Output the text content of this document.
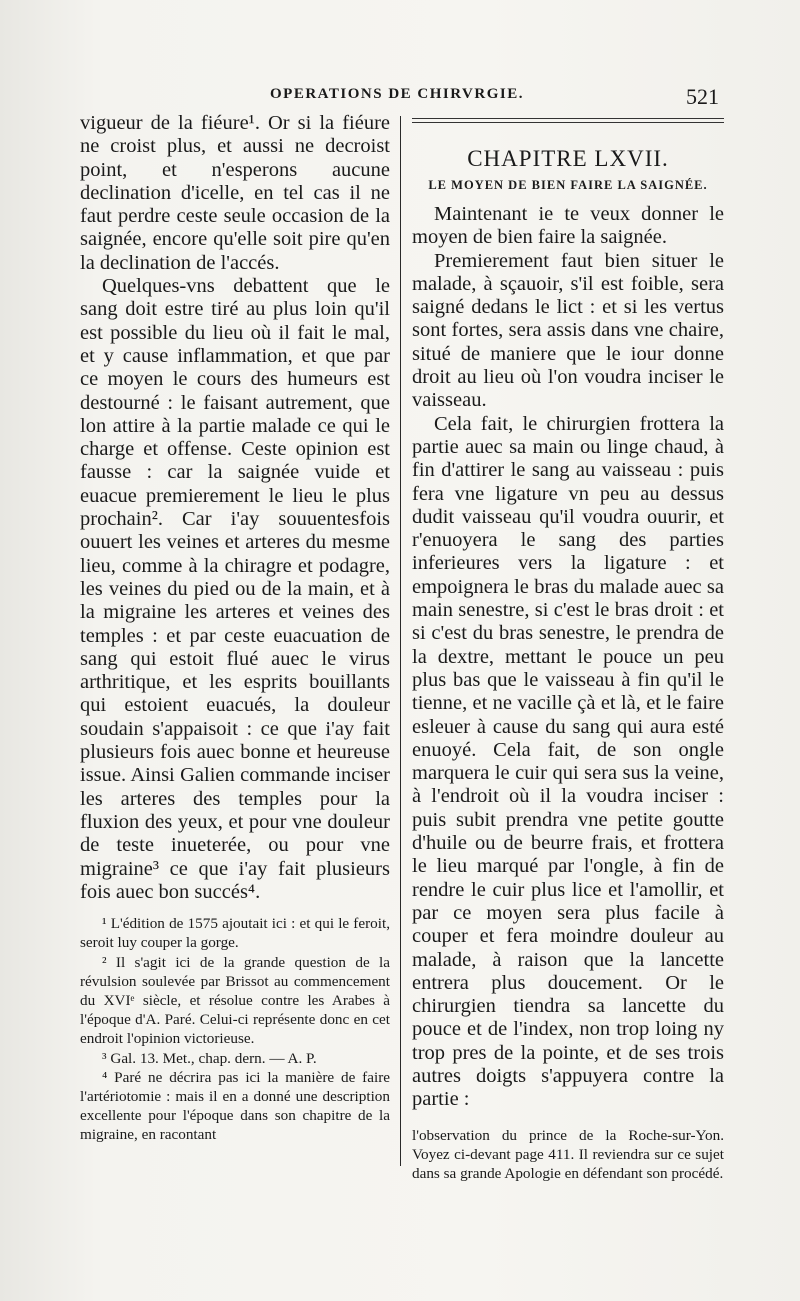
OPERATIONS DE CHIRVRGIE.	521

vigueur de la fiéure¹. Or si la fiéure ne croist plus, et aussi ne decroist point, et n'esperons aucune declination d'icelle, en tel cas il ne faut perdre ceste seule occasion de la saignée, encore qu'elle soit pire qu'en la declination de l'accés.

Quelques-vns debattent que le sang doit estre tiré au plus loin qu'il est possible du lieu où il fait le mal, et y cause inflammation, et que par ce moyen le cours des humeurs est destourné : le faisant autrement, que lon attire à la partie malade ce qui le charge et offense. Ceste opinion est fausse : car la saignée vuide et euacue premierement le lieu le plus prochain². Car i'ay souuentesfois ouuert les veines et arteres du mesme lieu, comme à la chiragre et podagre, les veines du pied ou de la main, et à la migraine les arteres et veines des temples : et par ceste euacuation de sang qui estoit flué auec le virus arthritique, et les esprits bouillants qui estoient euacués, la douleur soudain s'appaisoit : ce que i'ay fait plusieurs fois auec bonne et heureuse issue. Ainsi Galien commande inciser les arteres des temples pour la fluxion des yeux, et pour vne douleur de teste inueterée, ou pour vne migraine³ ce que i'ay fait plusieurs fois auec bon succés⁴.

¹ L'édition de 1575 ajoutait ici : et qui le feroit, seroit luy couper la gorge.

² Il s'agit ici de la grande question de la révulsion soulevée par Brissot au commencement du XVIᵉ siècle, et résolue contre les Arabes à l'époque d'A. Paré. Celui-ci représente donc en cet endroit l'opinion victorieuse.

³ Gal. 13. Met., chap. dern. — A. P.

⁴ Paré ne décrira pas ici la manière de faire l'artériotomie : mais il en a donné une description excellente pour l'époque dans son chapitre de la migraine, en racontant

CHAPITRE LXVII.
LE MOYEN DE BIEN FAIRE LA SAIGNÉE.

Maintenant ie te veux donner le moyen de bien faire la saignée.

Premierement faut bien situer le malade, à sçauoir, s'il est foible, sera saigné dedans le lict : et si les vertus sont fortes, sera assis dans vne chaire, situé de maniere que le iour donne droit au lieu où l'on voudra inciser le vaisseau.

Cela fait, le chirurgien frottera la partie auec sa main ou linge chaud, à fin d'attirer le sang au vaisseau : puis fera vne ligature vn peu au dessus dudit vaisseau qu'il voudra ouurir, et r'enuoyera le sang des parties inferieures vers la ligature : et empoignera le bras du malade auec sa main senestre, si c'est le bras droit : et si c'est du bras senestre, le prendra de la dextre, mettant le pouce un peu plus bas que le vaisseau à fin qu'il le tienne, et ne vacille çà et là, et le faire esleuer à cause du sang qui aura esté enuoyé. Cela fait, de son ongle marquera le cuir qui sera sus la veine, à l'endroit où il la voudra inciser : puis subit prendra vne petite goutte d'huile ou de beurre frais, et frottera le lieu marqué par l'ongle, à fin de rendre le cuir plus lice et l'amollir, et par ce moyen sera plus facile à couper et fera moindre douleur au malade, à raison que la lancette entrera plus doucement. Or le chirurgien tiendra sa lancette du pouce et de l'index, non trop loing ny trop pres de la pointe, et de ses trois autres doigts s'appuyera contre la partie :

l'observation du prince de la Roche-sur-Yon. Voyez ci-devant page 411. Il reviendra sur ce sujet dans sa grande Apologie en défendant son procédé.
